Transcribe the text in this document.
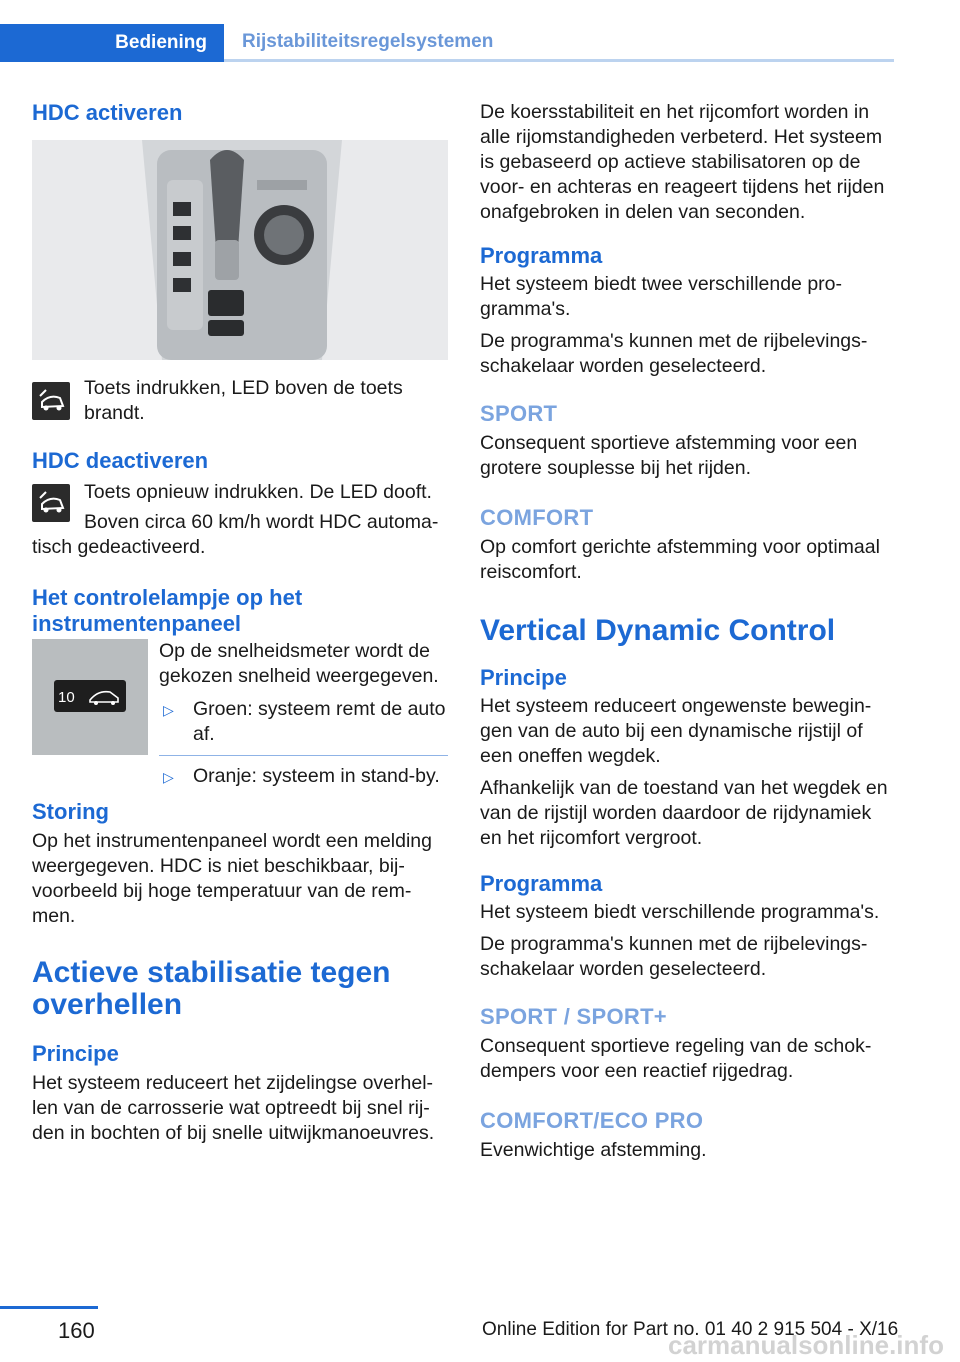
Bediening	Rijstabiliteitsregelsystemen
HDC activeren

Toets indrukken, LED boven de toets brandt.

HDC deactiveren

Toets opnieuw indrukken. De LED dooft.

Boven circa 60 km/h wordt HDC automa-

tisch gedeactiveerd.

Het controlelampje op het instrumentenpaneel
10

Op de snelheidsmeter wordt de gekozen snelheid weergegeven.

▷ Groen: systeem remt de auto af.
▷ Oranje: systeem in stand-by.
Storing

Op het instrumentenpaneel wordt een melding weergegeven. HDC is niet beschikbaar, bij- voorbeeld bij hoge temperatuur van de rem- men.

Actieve stabilisatie tegen overhellen
Principe

Het systeem reduceert het zijdelingse overhel- len van de carrosserie wat optreedt bij snel rij- den in bochten of bij snelle uitwijkmanoeuvres.

De koersstabiliteit en het rijcomfort worden in alle rijomstandigheden verbeterd. Het systeem is gebaseerd op actieve stabilisatoren op de voor- en achteras en reageert tijdens het rijden onafgebroken in delen van seconden.

Programma

Het systeem biedt twee verschillende pro- gramma's.

De programma's kunnen met de rijbelevings- schakelaar worden geselecteerd.

SPORT

Consequent sportieve afstemming voor een grotere souplesse bij het rijden.

COMFORT

Op comfort gerichte afstemming voor optimaal reiscomfort.

Vertical Dynamic Control
Principe

Het systeem reduceert ongewenste bewegin- gen van de auto bij een dynamische rijstijl of een oneffen wegdek.

Afhankelijk van de toestand van het wegdek en van de rijstijl worden daardoor de rijdynamiek en het rijcomfort vergroot.

Programma

Het systeem biedt verschillende programma's.

De programma's kunnen met de rijbelevings- schakelaar worden geselecteerd.

SPORT / SPORT+

Consequent sportieve regeling van de schok- dempers voor een reactief rijgedrag.

COMFORT/ECO PRO

Evenwichtige afstemming.

160	Online Edition for Part no. 01 40 2 915 504 - X/16
carmanualsonline.info
